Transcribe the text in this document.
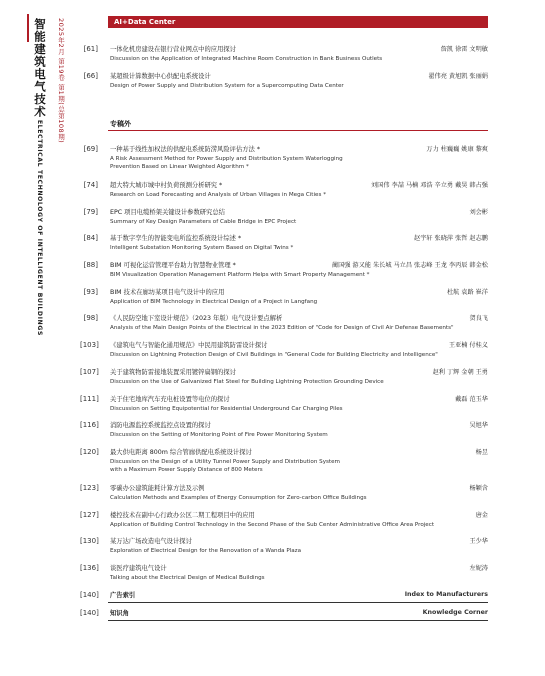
智能建筑电气技术 2025年2月 第19卷 第1期(总第108期)
ELECTRICAL TECHNOLOGY OF INTELLIGENT BUILDINGS
AI+Data Center
[61] 一体化机房建设在银行营业网点中的应用探讨
Discussion on the Application of Integrated Machine Room Construction in Bank Business Outlets
詹凯 徐雷 文明敏
[66] 某超级计算数据中心供配电系统设计
Design of Power Supply and Distribution System for a Supercomputing Data Center
翟伟亮 黄旭凯 张丽娟
专稿外
[69] 一种基于线性加权法的供配电系统防涝风险评估方法 *
A Risk Assessment Method for Power Supply and Distribution System Waterlogging
Prevention Based on Linear Weighted Algorithm *
万力 柱巍巍 姚康 黎爽
[74] 超大特大城市城中村负荷预测分析研究 *
Research on Load Forecasting and Analysis of Urban Villages in Mega Cities *
刘国伟 李喆 马楠 邓浩 辛立勇 戴昊 韩占强
[79] EPC 项目电缆桥架关键设计参数研究总结
Summary of Key Design Parameters of Cable Bridge in EPC Project
刘会彬
[84] 基于数字孪生的智能变电所监控系统设计综述 *
Intelligent Substation Monitoring System Based on Digital Twins *
赵宇轩 张晓萍 张哲 赵志鹏
[88] BIM 可视化运营管理平台助力智慧物业管理 *
BIM Visualization Operation Management Platform Helps with Smart Property Management *
蔺国强 游又能 朱长城 马立昌 张志峰 王龙 李丙辰 韩金松
[93] BIM 技术在廊坊某项目电气设计中的应用
Application of BIM Technology in Electrical Design of a Project in Langfang
杜航 袁路 崔洋
[98] 《人民防空地下室设计规范》（2023 年版）电气设计要点解析
Analysis of the Main Design Points of the Electrical in the 2023 Edition of "Code for Design of Civil Air Defense Basements"
贺良飞
[103] 《建筑电气与智能化通用规范》中民用建筑防雷设计探讨
Discussion on Lightning Protection Design of Civil Buildings in "General Code for Building Electricity and Intelligence"
王亚楠 付桂义
[107] 关于建筑物防雷接地装置采用镀锌扁钢的探讨
Discussion on the Use of Galvanized Flat Steel for Building Lightning Protection Grounding Device
赵利 丁辉 金朝 王勇
[111] 关于住宅地库汽车充电桩设置等电位的探讨
Discussion on Setting Equipotential for Residential Underground Car Charging Piles
戴磊 范玉华
[116] 消防电源监控系统监控点设置的探讨
Discussion on the Setting of Monitoring Point of Fire Power Monitoring System
吴旭华
[120] 最大供电距离 800m 综合管廊供配电系统设计探讨
Discussion on the Design of a Utility Tunnel Power Supply and Distribution System
with a Maximum Power Supply Distance of 800 Meters
杨昱
[123] 零碳办公建筑能耗计算方法及示例
Calculation Methods and Examples of Energy Consumption for Zero-carbon Office Buildings
杨颖含
[127] 楼控技术在副中心行政办公区二期工程项目中的应用
Application of Building Control Technology in the Second Phase of the Sub Center Administrative Office Area Project
唐金
[130] 某万达广场改造电气设计探讨
Exploration of Electrical Design for the Renovation of a Wanda Plaza
王少华
[136] 谈医疗建筑电气设计
Talking about the Electrical Design of Medical Buildings
左妮涛
[140] 广告索引	Index to Manufacturers
[140] 知识角	Knowledge Corner
